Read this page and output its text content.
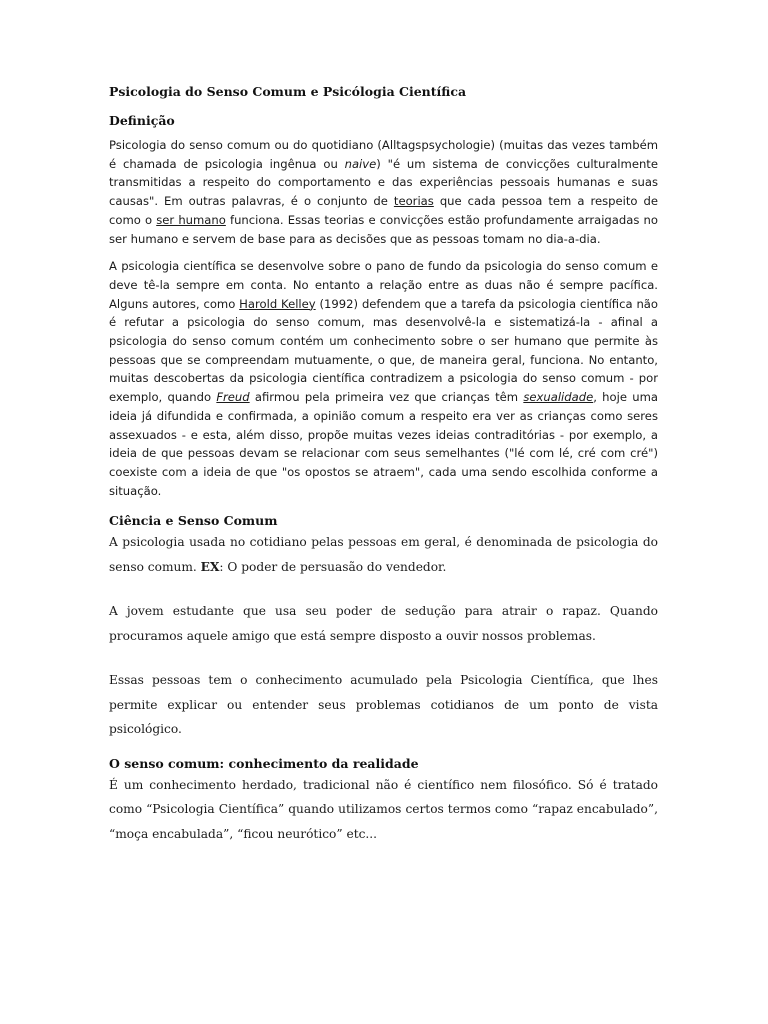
Psicologia do Senso Comum e Psicólogia Científica
Definição

Psicologia do senso comum ou do quotidiano (Alltagspsychologie) (muitas das vezes também é chamada de psicologia ingênua ou naive) "é um sistema de convicções culturalmente transmitidas a respeito do comportamento e das experiências pessoais humanas e suas causas". Em outras palavras, é o conjunto de teorias que cada pessoa tem a respeito de como o ser humano funciona. Essas teorias e convicções estão profundamente arraigadas no ser humano e servem de base para as decisões que as pessoas tomam no dia-a-dia.

A psicologia científica se desenvolve sobre o pano de fundo da psicologia do senso comum e deve tê-la sempre em conta. No entanto a relação entre as duas não é sempre pacífica. Alguns autores, como Harold Kelley (1992) defendem que a tarefa da psicologia científica não é refutar a psicologia do senso comum, mas desenvolvê-la e sistematizá-la - afinal a psicologia do senso comum contém um conhecimento sobre o ser humano que permite às pessoas que se compreendam mutuamente, o que, de maneira geral, funciona. No entanto, muitas descobertas da psicologia científica contradizem a psicologia do senso comum - por exemplo, quando Freud afirmou pela primeira vez que crianças têm sexualidade, hoje uma ideia já difundida e confirmada, a opinião comum a respeito era ver as crianças como seres assexuados - e esta, além disso, propõe muitas vezes ideias contraditórias - por exemplo, a ideia de que pessoas devam se relacionar com seus semelhantes ("lé com lé, cré com cré") coexiste com a ideia de que "os opostos se atraem", cada uma sendo escolhida conforme a situação.

Ciência e Senso Comum

A psicologia usada no cotidiano pelas pessoas em geral, é denominada de psicologia do senso comum. EX: O poder de persuasão do vendedor.

A jovem estudante que usa seu poder de sedução para atrair o rapaz. Quando procuramos aquele amigo que está sempre disposto a ouvir nossos problemas.

Essas pessoas tem o conhecimento acumulado pela Psicologia Científica, que lhes permite explicar ou entender seus problemas cotidianos de um ponto de vista psicológico.

O senso comum: conhecimento da realidade

É um conhecimento herdado, tradicional não é científico nem filosófico. Só é tratado como “Psicologia Científica” quando utilizamos certos termos como “rapaz encabulado”, “moça encabulada”, “ficou neurótico” etc...
